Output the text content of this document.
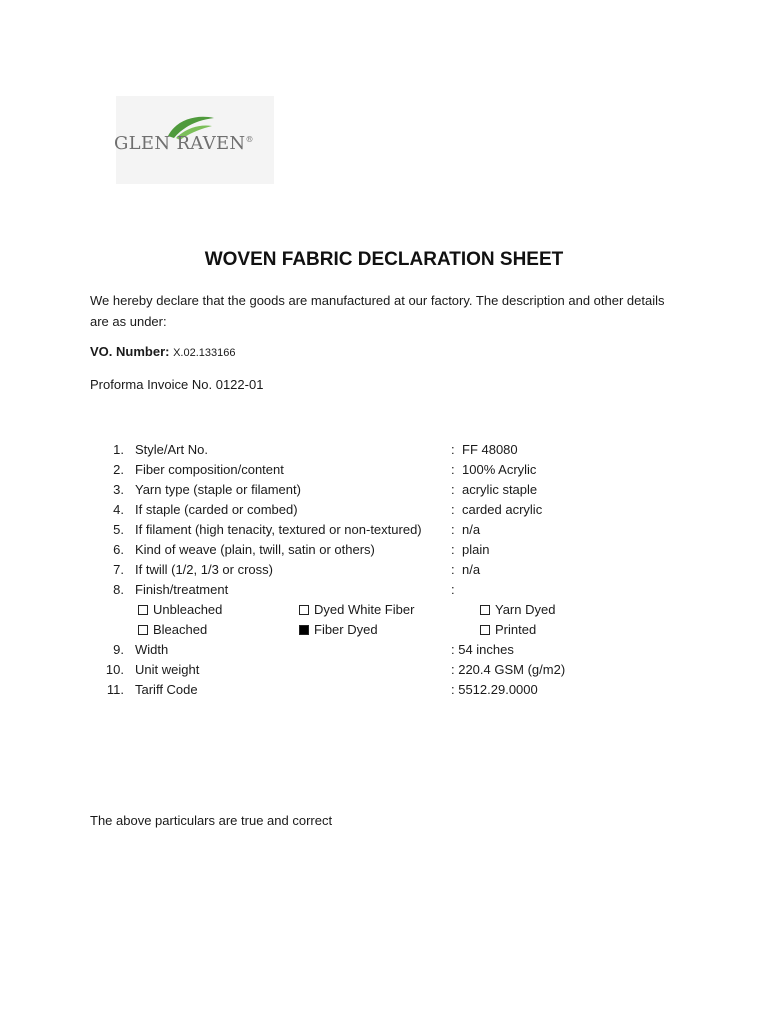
GLEN RAVEN®
WOVEN FABRIC DECLARATION SHEET
We hereby declare that the goods are manufactured at our factory. The description and other details are as under:
VO. Number: X.02.133166
Proforma Invoice No. 0122-01
1. Style/Art No.	: FF 48080
2. Fiber composition/content	: 100% Acrylic
3. Yarn type (staple or filament)	: acrylic staple
4. If staple (carded or combed)	: carded acrylic
5. If filament (high tenacity, textured or non-textured) : n/a
6. Kind of weave (plain, twill, satin or others)	: plain
7. If twill (1/2, 1/3 or cross)	: n/a
8. Finish/treatment	:
Unbleached	Dyed White Fiber	Yarn Dyed
Bleached	Fiber Dyed	Printed
9. Width	: 54 inches
10. Unit weight	: 220.4 GSM (g/m2)
11. Tariff Code	: 5512.29.0000
The above particulars are true and correct
